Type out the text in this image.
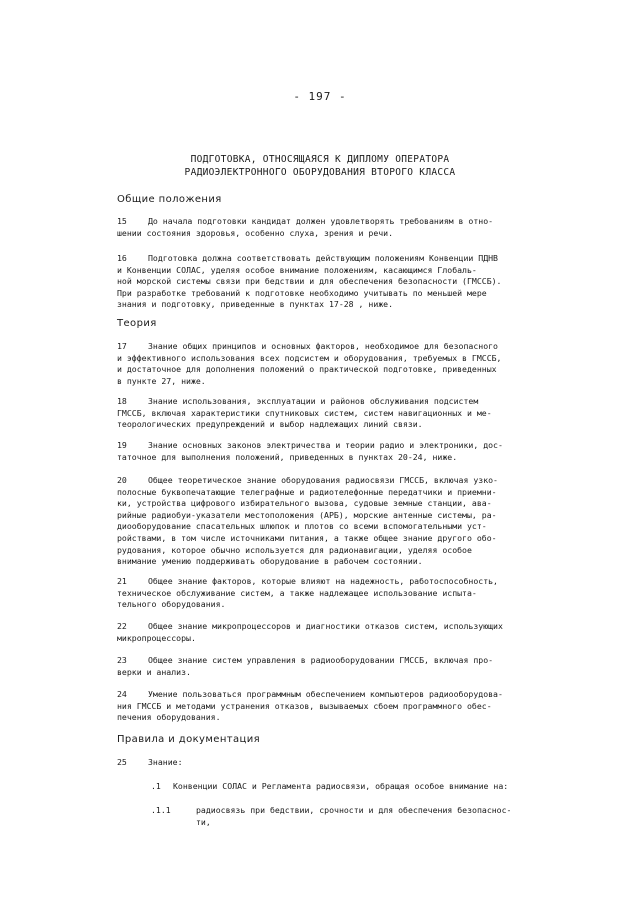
- 197 -
ПОДГОТОВКА, ОТНОСЯЩАЯСЯ К ДИПЛОМУ ОПЕРАТОРА
РАДИОЭЛЕКТРОННОГО ОБОРУДОВАНИЯ ВТОРОГО КЛАССА
Общие положения
15	До начала подготовки кандидат должен удовлетворять требованиям в отно-
шении состояния здоровья, особенно слуха, зрения и речи.
16	Подготовка должна соответствовать действующим положениям Конвенции ПДНВ
и Конвенции СОЛАС, уделяя особое внимание положениям, касающимся Глобаль-
ной морской системы связи при бедствии и для обеспечения безопасности (ГМССБ).
При разработке требований к подготовке необходимо учитывать по меньшей мере
знания и подготовку, приведенные в пунктах 17-28 , ниже.
Теория
17	Знание общих принципов и основных факторов, необходимое для безопасного
и эффективного использования всех подсистем и оборудования, требуемых в ГМССБ,
и достаточное для дополнения положений о практической подготовке, приведенных
в пункте 27, ниже.
18	Знание использования, эксплуатации и районов обслуживания подсистем
ГМССБ, включая характеристики спутниковых систем, систем навигационных и ме-
теорологических предупреждений и выбор надлежащих линий связи.
19	Знание основных законов электричества и теории радио и электроники, дос-
таточное для выполнения положений, приведенных в пунктах 20-24, ниже.
20	Общее теоретическое знание оборудования радиосвязи ГМССБ, включая узко-
полосные буквопечатающие телеграфные и радиотелефонные передатчики и приемни-
ки, устройства цифрового избирательного вызова, судовые земные станции, ава-
рийные радиобуи-указатели местоположения (АРБ), морские антенные системы, ра-
диооборудование спасательных шлюпок и плотов со всеми вспомогательными уст-
ройствами, в том числе источниками питания, а также общее знание другого обо-
рудования, которое обычно используется для радионавигации, уделяя особое
внимание умению поддерживать оборудование в рабочем состоянии.
21	Общее знание факторов, которые влияют на надежность, работоспособность,
техническое обслуживание систем, а также надлежащее использование испыта-
тельного оборудования.
22	Общее знание микропроцессоров и диагностики отказов систем, использующих
микропроцессоры.
23	Общее знание систем управления в радиооборудовании ГМССБ, включая про-
верки и анализ.
24	Умение пользоваться программным обеспечением компьютеров радиооборудова-
ния ГМССБ и методами устранения отказов, вызываемых сбоем программного обес-
печения оборудования.
Правила и документация
25	Знание:
.1 Конвенции СОЛАС и Регламента радиосвязи, обращая особое внимание на:
.1.1	радиосвязь при бедствии, срочности и для обеспечения безопаснос-
ти,
